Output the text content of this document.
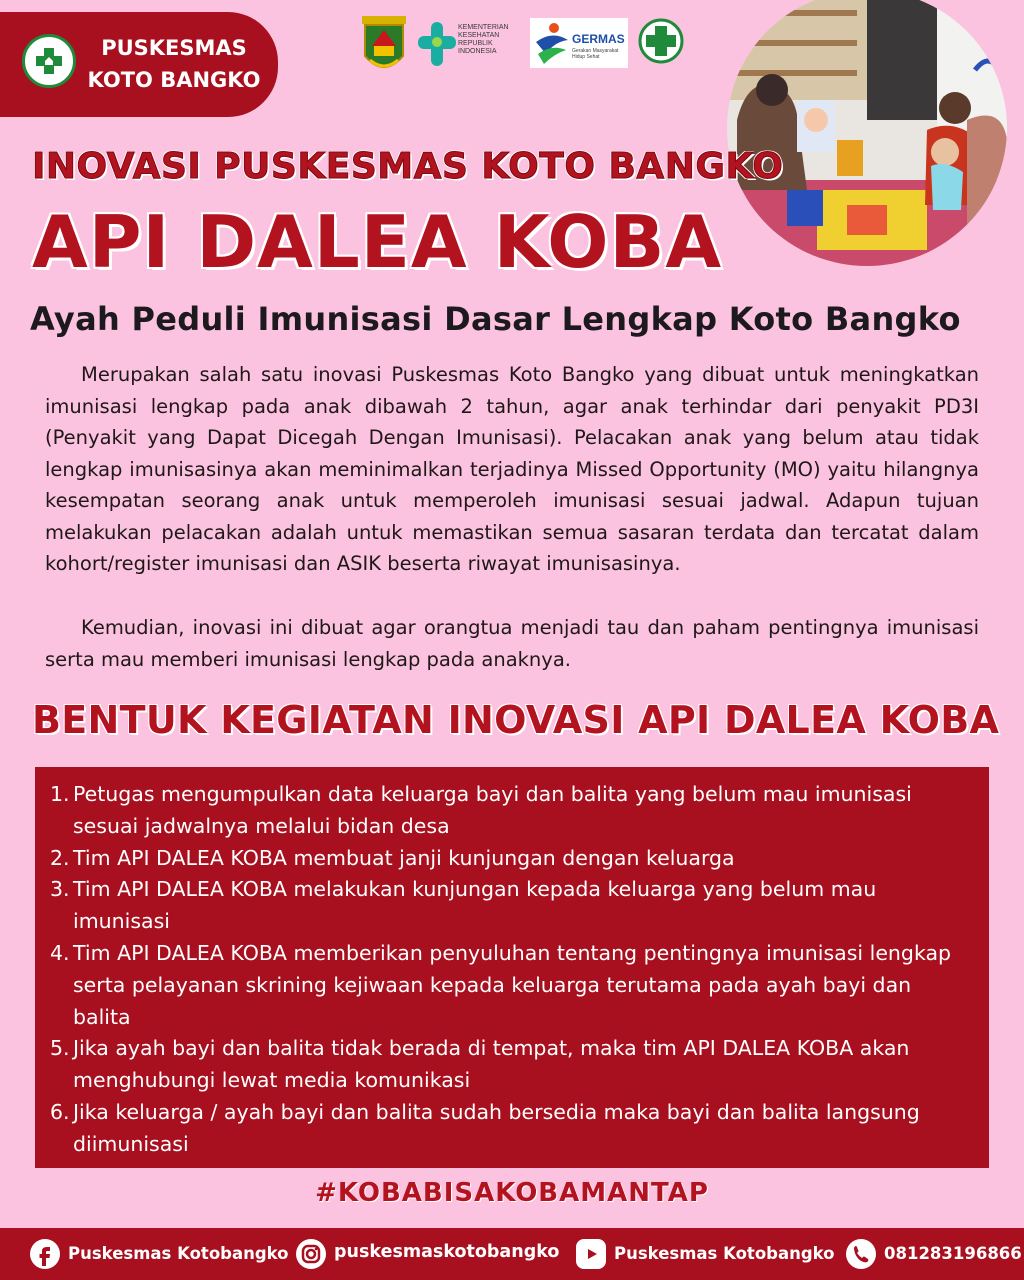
PUSKESMAS
KOTO BANGKO
KEMENTERIAN KESEHATAN REPUBLIK INDONESIA
GERMAS
Gerakan Masyarakat Hidup Sehat
INOVASI PUSKESMAS KOTO BANGKO
API DALEA KOBA
Ayah Peduli Imunisasi Dasar Lengkap Koto Bangko

Merupakan salah satu inovasi Puskesmas Koto Bangko yang dibuat untuk meningkatkan imunisasi lengkap pada anak dibawah 2 tahun, agar anak terhindar dari penyakit PD3I (Penyakit yang Dapat Dicegah Dengan Imunisasi). Pelacakan anak yang belum atau tidak lengkap imunisasinya akan meminimalkan terjadinya Missed Opportunity (MO) yaitu hilangnya kesempatan seorang anak untuk memperoleh imunisasi sesuai jadwal. Adapun tujuan melakukan pelacakan adalah untuk memastikan semua sasaran terdata dan tercatat dalam kohort/register imunisasi dan ASIK beserta riwayat imunisasinya.

Kemudian, inovasi ini dibuat agar orangtua menjadi tau dan paham pentingnya imunisasi serta mau memberi imunisasi lengkap pada anaknya.

BENTUK KEGIATAN INOVASI API DALEA KOBA
1. Petugas mengumpulkan data keluarga bayi dan balita yang belum mau imunisasi sesuai jadwalnya melalui bidan desa
2. Tim API DALEA KOBA membuat janji kunjungan dengan keluarga
3. Tim API DALEA KOBA melakukan kunjungan kepada keluarga yang belum mau imunisasi
4. Tim API DALEA KOBA memberikan penyuluhan tentang pentingnya imunisasi lengkap serta pelayanan skrining kejiwaan kepada keluarga terutama pada ayah bayi dan balita
5. Jika ayah bayi dan balita tidak berada di tempat, maka tim API DALEA KOBA akan menghubungi lewat media komunikasi
6. Jika keluarga / ayah bayi dan balita sudah bersedia maka bayi dan balita langsung diimunisasi
#KOBABISAKOBAMANTAP
Puskesmas Kotobangko	puskesmaskotobangko	Puskesmas Kotobangko	081283196866
